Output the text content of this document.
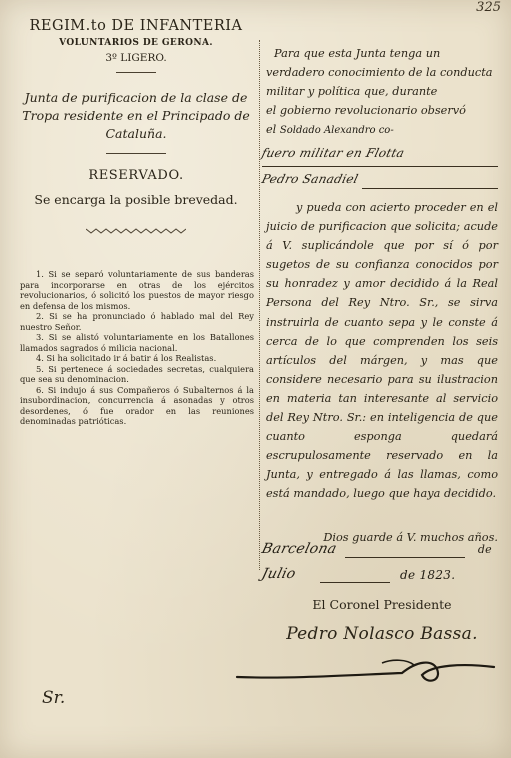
325
REGIM.to DE INFANTERIA
VOLUNTARIOS DE GERONA.
3º LIGERO.
Junta de purificacion de la clase de Tropa residente en el Principado de Cataluña.
RESERVADO.
Se encarga la posible brevedad.

1. Si se separó voluntariamente de sus banderas para incorporarse en otras de los ejércitos revolucionarios, ó solicitó los puestos de mayor riesgo en defensa de los mismos.

2. Si se ha pronunciado ó hablado mal del Rey nuestro Señor.

3. Si se alistó voluntariamente en los Batallones llamados sagrados ó milicia nacional.

4. Si ha solicitado ir á batir á los Realistas.

5. Si pertenece á sociedades secretas, cualquiera que sea su denominacion.

6. Si indujo á sus Compañeros ó Subalternos á la insubordinacion, concurrencia á asonadas y otros desordenes, ó fue orador en las reuniones denominadas patrióticas.

Para que esta Junta tenga un

verdadero conocimiento de la conducta

militar y política que, durante

el gobierno revolucionario observó

el Soldado Alexandro co-

fuero militar en Flotta
Pedro Sanadiel

y pueda con acierto proceder en el juicio de purificacion que solicita; acude á V. suplicándole que por sí ó por sugetos de su confianza conocidos por su honradez y amor decidido á la Real Persona del Rey Ntro. Sr., se sirva instruirla de cuanto sepa y le conste á cerca de lo que comprenden los seis artículos del márgen, y mas que considere necesario para su ilustracion en materia tan interesante al servicio del Rey Ntro. Sr.: en inteligencia de que cuanto esponga quedará escrupulosamente reservado en la Junta, y entregado á las llamas, como está mandado, luego que haya decidido.

Dios guarde á V. muchos años.
Barcelona	de
Julio	de 1823.
El Coronel Presidente
Pedro Nolasco Bassa.
Sr.
